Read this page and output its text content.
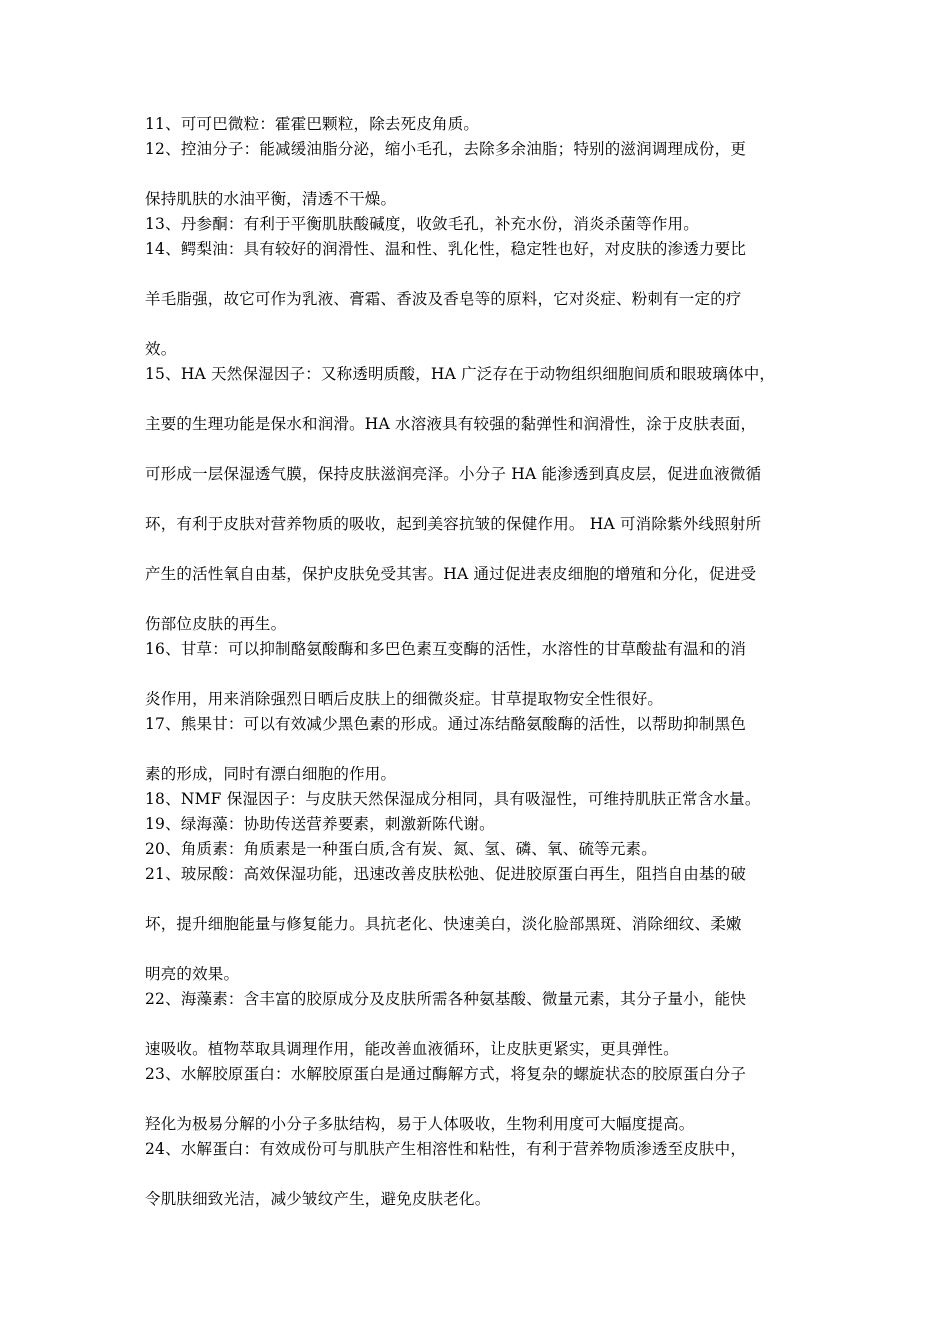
11、可可巴微粒：霍霍巴颗粒，除去死皮角质。
12、控油分子：能减缓油脂分泌，缩小毛孔，去除多余油脂；特别的滋润调理成份，更
保持肌肤的水油平衡，清透不干燥。
13、丹参酮：有利于平衡肌肤酸碱度，收敛毛孔，补充水份，消炎杀菌等作用。
14、鳄梨油：具有较好的润滑性、温和性、乳化性，稳定牲也好，对皮肤的渗透力要比
羊毛脂强，故它可作为乳液、膏霜、香波及香皂等的原料，它对炎症、粉刺有一定的疗
效。
15、HA 天然保湿因子：又称透明质酸，HA 广泛存在于动物组织细胞间质和眼玻璃体中，
主要的生理功能是保水和润滑。HA 水溶液具有较强的黏弹性和润滑性，涂于皮肤表面，
可形成一层保湿透气膜，保持皮肤滋润亮泽。小分子 HA 能渗透到真皮层，促进血液微循
环，有利于皮肤对营养物质的吸收，起到美容抗皱的保健作用。 HA 可消除紫外线照射所
产生的活性氧自由基，保护皮肤免受其害。HA 通过促进表皮细胞的增殖和分化，促进受
伤部位皮肤的再生。
16、甘草：可以抑制酪氨酸酶和多巴色素互变酶的活性，水溶性的甘草酸盐有温和的消
炎作用，用来消除强烈日晒后皮肤上的细微炎症。甘草提取物安全性很好。
17、熊果甘：可以有效减少黑色素的形成。通过冻结酪氨酸酶的活性，以帮助抑制黑色
素的形成，同时有漂白细胞的作用。
18、NMF 保湿因子：与皮肤天然保湿成分相同，具有吸湿性，可维持肌肤正常含水量。
19、绿海藻：协助传送营养要素，刺激新陈代谢。
20、角质素：角质素是一种蛋白质,含有炭、氮、氢、磷、氧、硫等元素。
21、玻尿酸：高效保湿功能，迅速改善皮肤松弛、促进胶原蛋白再生，阻挡自由基的破
坏，提升细胞能量与修复能力。具抗老化、快速美白，淡化脸部黑斑、消除细纹、柔嫩
明亮的效果。
22、海藻素：含丰富的胶原成分及皮肤所需各种氨基酸、微量元素，其分子量小，能快
速吸收。植物萃取具调理作用，能改善血液循环，让皮肤更紧实，更具弹性。
23、水解胶原蛋白：水解胶原蛋白是通过酶解方式，将复杂的螺旋状态的胶原蛋白分子
羟化为极易分解的小分子多肽结构，易于人体吸收，生物利用度可大幅度提高。
24、水解蛋白：有效成份可与肌肤产生相溶性和粘性，有利于营养物质渗透至皮肤中，
令肌肤细致光洁，减少皱纹产生，避免皮肤老化。
